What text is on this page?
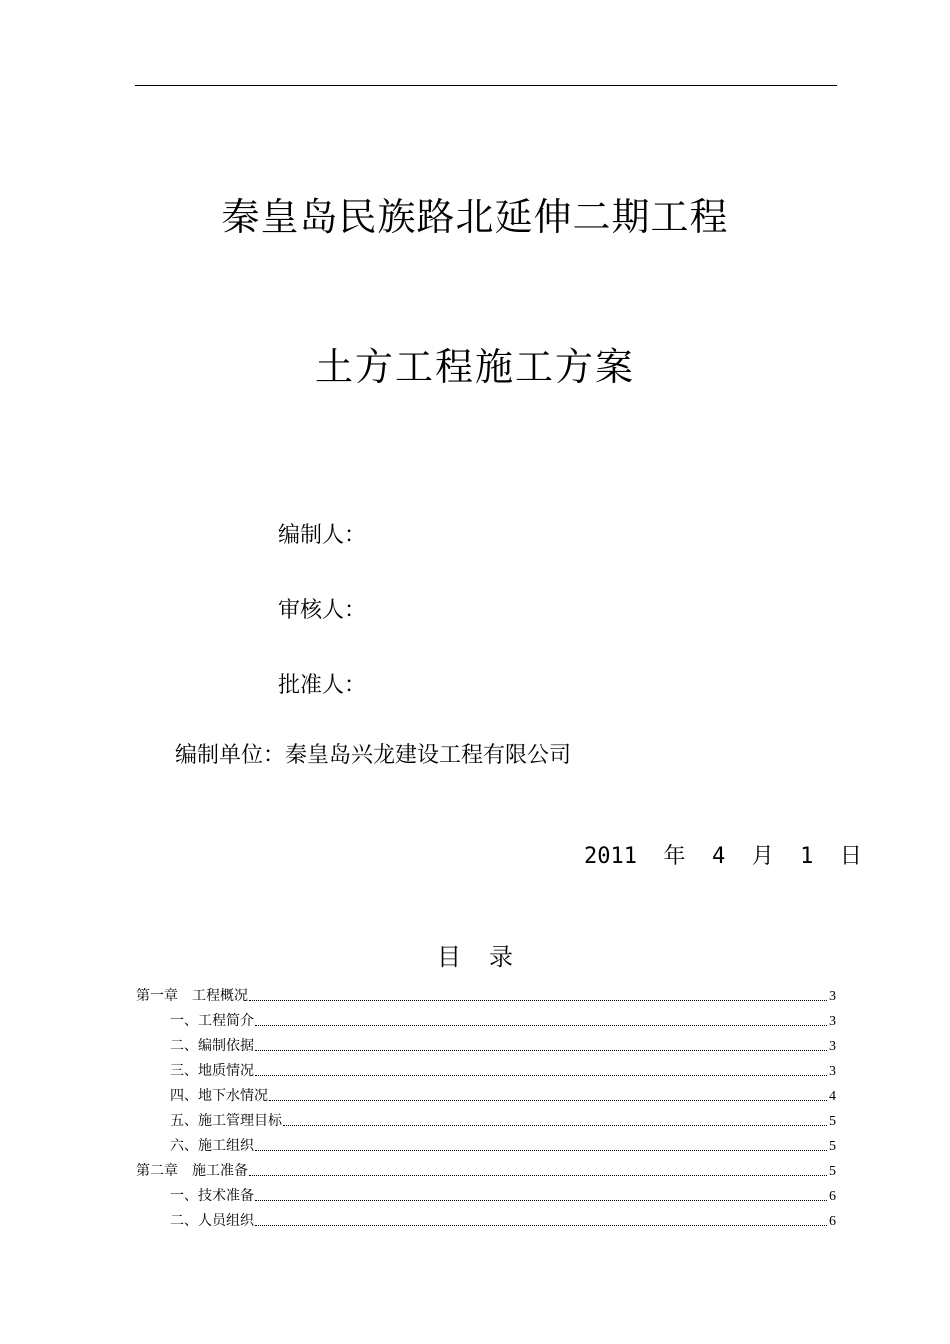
秦皇岛民族路北延伸二期工程
土方工程施工方案
编制人：
审核人：
批准人：
编制单位：秦皇岛兴龙建设工程有限公司
2011  年  4  月  1  日
目录
第一章    工程概况	3
一、工程简介	3
二、编制依据	3
三、地质情况	3
四、地下水情况	4
五、施工管理目标	5
六、施工组织	5
第二章    施工准备	5
一、技术准备	6
二、人员组织	6
